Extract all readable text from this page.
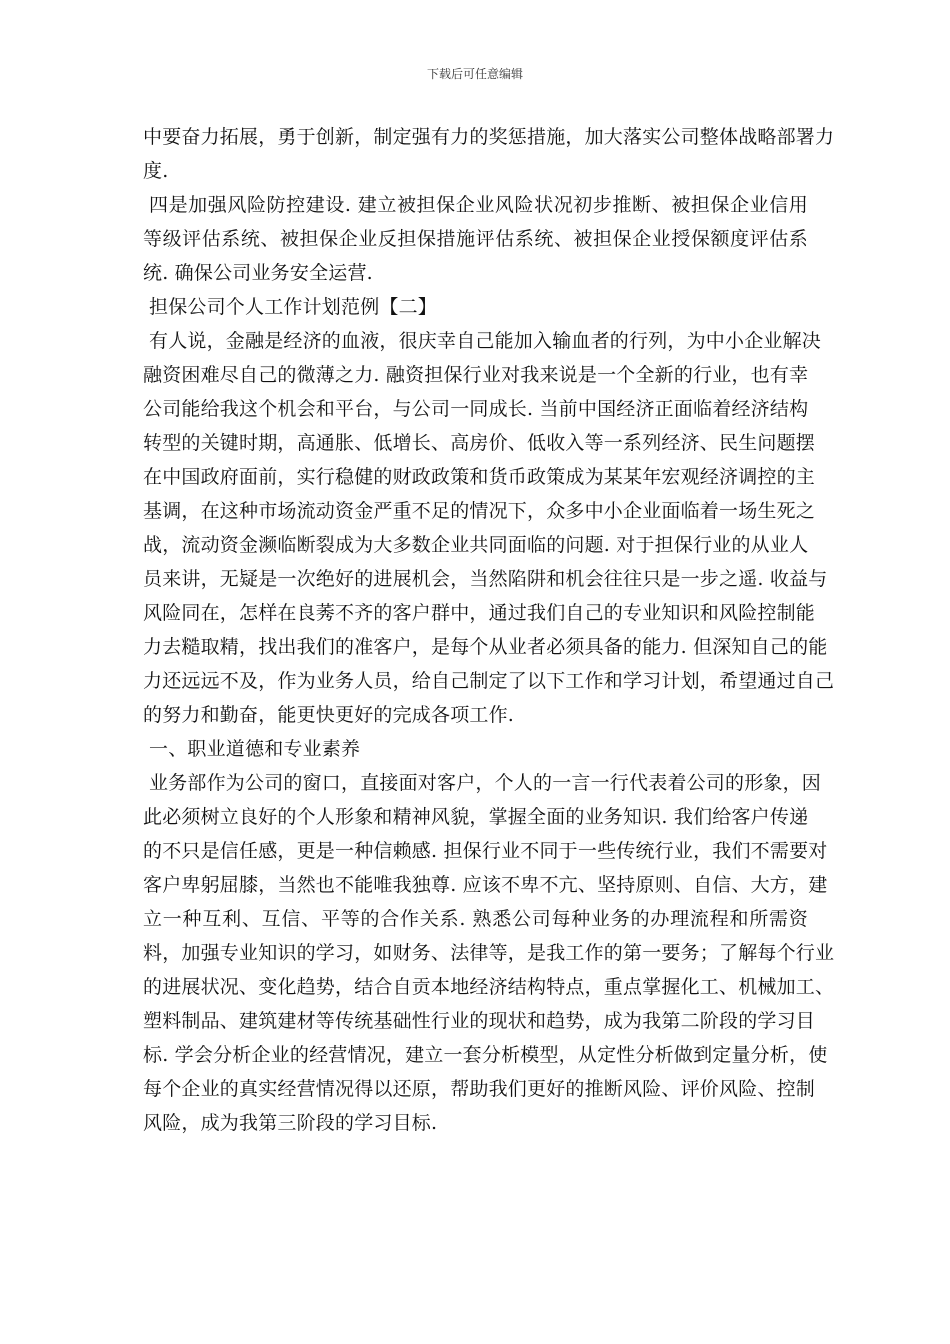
下载后可任意编辑
中要奋力拓展，勇于创新，制定强有力的奖惩措施，加大落实公司整体战略部署力
度.
四是加强风险防控建设. 建立被担保企业风险状况初步推断、被担保企业信用
等级评估系统、被担保企业反担保措施评估系统、被担保企业授保额度评估系
统. 确保公司业务安全运营.
担保公司个人工作计划范例【二】
有人说，金融是经济的血液，很庆幸自己能加入输血者的行列，为中小企业解决
融资困难尽自己的微薄之力. 融资担保行业对我来说是一个全新的行业，也有幸
公司能给我这个机会和平台，与公司一同成长. 当前中国经济正面临着经济结构
转型的关键时期，高通胀、低增长、高房价、低收入等一系列经济、民生问题摆
在中国政府面前，实行稳健的财政政策和货币政策成为某某年宏观经济调控的主
基调，在这种市场流动资金严重不足的情况下，众多中小企业面临着一场生死之
战，流动资金濒临断裂成为大多数企业共同面临的问题. 对于担保行业的从业人
员来讲，无疑是一次绝好的进展机会，当然陷阱和机会往往只是一步之遥. 收益与
风险同在，怎样在良莠不齐的客户群中，通过我们自己的专业知识和风险控制能
力去糙取精，找出我们的准客户，是每个从业者必须具备的能力. 但深知自己的能
力还远远不及，作为业务人员，给自己制定了以下工作和学习计划，希望通过自己
的努力和勤奋，能更快更好的完成各项工作.
一、职业道德和专业素养
业务部作为公司的窗口，直接面对客户，个人的一言一行代表着公司的形象，因
此必须树立良好的个人形象和精神风貌，掌握全面的业务知识. 我们给客户传递
的不只是信任感，更是一种信赖感. 担保行业不同于一些传统行业，我们不需要对
客户卑躬屈膝，当然也不能唯我独尊. 应该不卑不亢、坚持原则、自信、大方，建
立一种互利、互信、平等的合作关系. 熟悉公司每种业务的办理流程和所需资
料，加强专业知识的学习，如财务、法律等，是我工作的第一要务；了解每个行业
的进展状况、变化趋势，结合自贡本地经济结构特点，重点掌握化工、机械加工、
塑料制品、建筑建材等传统基础性行业的现状和趋势，成为我第二阶段的学习目
标. 学会分析企业的经营情况，建立一套分析模型，从定性分析做到定量分析，使
每个企业的真实经营情况得以还原，帮助我们更好的推断风险、评价风险、控制
风险，成为我第三阶段的学习目标.
